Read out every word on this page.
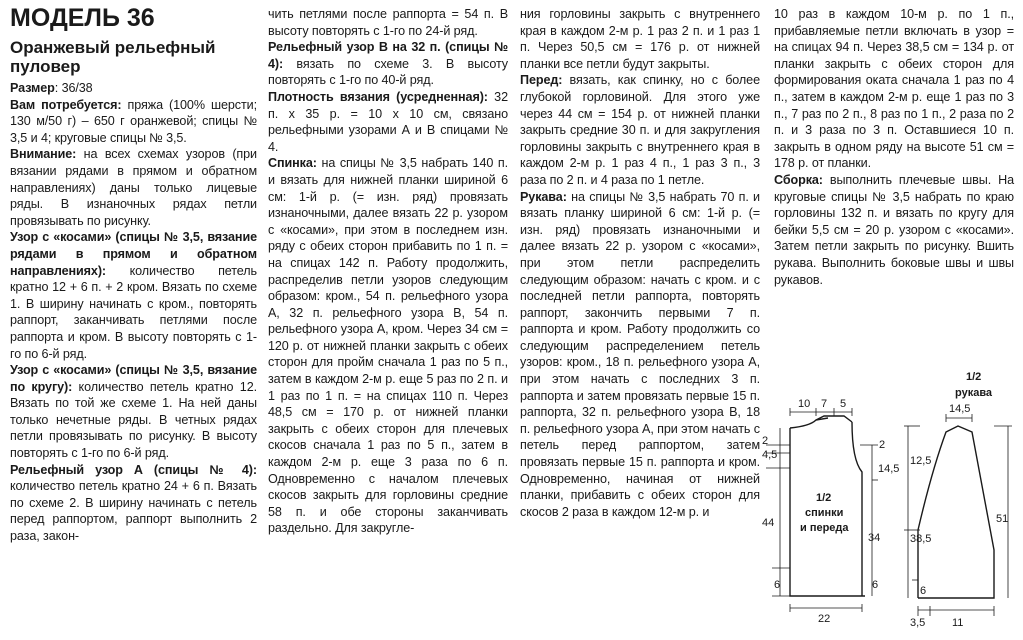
МОДЕЛЬ 36
Оранжевый рельефный пуловер

Размер: 36/38

Вам потребуется: пряжа (100% шерсти; 130 м/50 г) – 650 г оранжевой; спицы № 3,5 и 4; круговые спицы № 3,5.

Внимание: на всех схемах узоров (при вязании рядами в прямом и обратном направлениях) даны только лицевые ряды. В изнаночных рядах петли провязывать по рисунку.

Узор с «косами» (спицы № 3,5, вязание рядами в прямом и обратном направлениях): количество петель кратно 12 + 6 п. + 2 кром. Вязать по схеме 1. В ширину начинать с кром., повторять раппорт, заканчивать петлями после раппорта и кром. В высоту повторять с 1-го по 6-й ряд.

Узор с «косами» (спицы № 3,5, вязание по кругу): количество петель кратно 12. Вязать по той же схеме 1. На ней даны только нечетные ряды. В четных рядах петли провязывать по рисунку. В высоту повторять с 1-го по 6-й ряд.

Рельефный узор А (спицы № 4): количество петель кратно 24 + 6 п. Вязать по схеме 2. В ширину начинать с петель перед раппортом, раппорт выполнить 2 раза, закон-

чить петлями после раппорта = 54 п. В высоту повторять с 1-го по 24-й ряд.

Рельефный узор В на 32 п. (спицы № 4): вязать по схеме 3. В высоту повторять с 1-го по 40-й ряд.

Плотность вязания (усредненная): 32 п. х 35 р. = 10 х 10 см, связано рельефными узорами А и В спицами № 4.

Спинка: на спицы № 3,5 набрать 140 п. и вязать для нижней планки шириной 6 см: 1-й р. (= изн. ряд) провязать изнаночными, далее вязать 22 р. узором с «косами», при этом в последнем изн. ряду с обеих сторон прибавить по 1 п. = на спицах 142 п. Работу продолжить, распределив петли узоров следующим образом: кром., 54 п. рельефного узора А, 32 п. рельефного узора В, 54 п. рельефного узора А, кром. Через 34 см = 120 р. от нижней планки закрыть с обеих сторон для пройм сначала 1 раз по 5 п., затем в каждом 2-м р. еще 5 раз по 2 п. и 1 раз по 1 п. = на спицах 110 п. Через 48,5 см = 170 р. от нижней планки закрыть с обеих сторон для плечевых скосов сначала 1 раз по 5 п., затем в каждом 2-м р. еще 3 раза по 6 п. Одновременно с началом плечевых скосов закрыть для горловины средние 58 п. и обе стороны заканчивать раздельно. Для закругле-

ния горловины закрыть с внутреннего края в каждом 2-м р. 1 раз 2 п. и 1 раз 1 п. Через 50,5 см = 176 р. от нижней планки все петли будут закрыты.

Перед: вязать, как спинку, но с более глубокой горловиной. Для этого уже через 44 см = 154 р. от нижней планки закрыть средние 30 п. и для закругления горловины закрыть с внутреннего края в каждом 2-м р. 1 раз 4 п., 1 раз 3 п., 3 раза по 2 п. и 4 раза по 1 петле.

Рукава: на спицы № 3,5 набрать 70 п. и вязать планку шириной 6 см: 1-й р. (= изн. ряд) провязать изнаночными и далее вязать 22 р. узором с «косами», при этом петли распределить следующим образом: начать с кром. и с последней петли раппорта, повторять раппорт, закончить первыми 7 п. раппорта и кром. Работу продолжить со следующим распределением петель узоров: кром., 18 п. рельефного узора А, при этом начать с последних 3 п. раппорта и затем провязать первые 15 п. раппорта, 32 п. рельефного узора В, 18 п. рельефного узора А, при этом начать с петель перед раппортом, затем провязать первые 15 п. раппорта и кром. Одновременно, начиная от нижней планки, прибавить с обеих сторон для скосов 2 раза в каждом 12-м р. и

10 раз в каждом 10-м р. по 1 п., прибавляемые петли включать в узор = на спицах 94 п. Через 38,5 см = 134 р. от планки закрыть с обеих сторон для формирования оката сначала 1 раз по 4 п., затем в каждом 2-м р. еще 1 раз по 3 п., 7 раз по 2 п., 8 раз по 1 п., 2 раза по 2 п. и 3 раза по 3 п. Оставшиеся 10 п. закрыть в одном ряду на высоте 51 см = 178 р. от планки.

Сборка: выполнить плечевые швы. На круговые спицы № 3,5 набрать по краю горловины 132 п. и вязать по кругу для бейки 5,5 см = 20 р. узором с «косами». Затем петли закрыть по рисунку. Вшить рукава. Выполнить боковые швы и швы рукавов.

10 7 5
2
4,5
2
14,5
1/2
спинки
и переда
34
44
6	6
22
1/2
рукава
14,5
12,5
38,5
51
6
3,5 11
